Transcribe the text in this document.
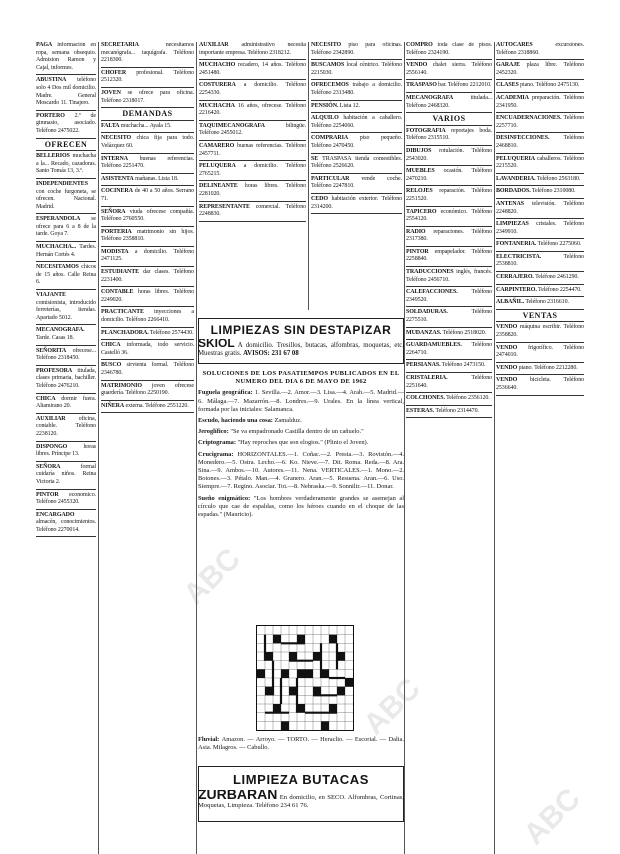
PAGA información en ropa, semana obsequio. Admision Ramon y Cajal, informes.

ABUSTINA teléfono solo 4 Dos mil domicilio. Madre. General Moscardo 11. Tinajero.

PORTERO 2.º de gimnasio, asociado. Teléfono 2475022.

OFRECEN

BELLERIOS muchacha a la... Recado, cazadoras. Santo Tomás 13, 3.º.

INDEPENDIENTES con coche furgoneta, se ofrecen. Nacional. Madrid.

ESPERANDOLA se ofrece para 6 a 8 de la tarde. Goya 7.

MUCHACHA... Tardes. Hernán Cortés 4.

NECESITAMOS chicos de 15 años. Calle Reina 6.

VIAJANTE comisionista, introducido ferreterías, tiendas. Apartado 5012.

MECANOGRAFA. Tarde. Casas 18.

SEÑORITA ofrecese... Teléfono 2318450.

PROFESORA titulada, clases primaria, bachiller. Teléfono 2476210.

CHICA dormir fuera. Altamirano 20.

AUXILIAR oficina, contable. Teléfono 2238120.

DISPONGO horas libres. Príncipe 13.

SEÑORA formal cuidaría niños. Reina Victoria 2.

PINTOR economico. Teléfono 2455320.

ENCARGADO almacén, conocimientos. Teléfono 2270014.

SECRETARIA necesitamos mecanógrafa... taquígrafa. Teléfono 2218300.

CHOFER profesional. Teléfono 2512320.

JOVEN se ofrece para oficina. Teléfono 2318017.

DEMANDAS

FALTA muchacha... Ayala 15.

NECESITO chica fija para todo. Velázquez 60.

INTERNA buenas referencias. Teléfono 2251470.

ASISTENTA mañanas. Lista 18.

COCINERA de 40 a 50 años. Serrano 71.

SEÑORA viuda ofrecese compañía. Teléfono 2760550.

PORTERIA matrimonio sin hijos. Teléfono 2358810.

MODISTA a domicilio. Teléfono 2471125.

ESTUDIANTE dar clases. Teléfono 2231400.

CONTABLE horas libres. Teléfono 2249020.

PRACTICANTE inyecciones a domicilio. Teléfono 2266410.

PLANCHADORA. Teléfono 2574430.

CHICA informada, todo servicio. Castelló 36.

BUSCO sirvienta formal. Teléfono 2346780.

MATRIMONIO joven ofrecese guardería. Teléfono 2250190.

NIÑERA externa. Teléfono 2551220.

AUXILIAR administrativo necesita importante empresa. Teléfono 2318212.

MUCHACHO recadero, 14 años. Teléfono 2451480.

COSTURERA a domicilio. Teléfono 2254330.

MUCHACHA 16 años, ofrecese. Teléfono 2216420.

TAQUIMECANOGRAFA bilingüe. Teléfono 2455012.

CAMARERO buenas referencias. Teléfono 2457711.

PELUQUERA a domicilio. Teléfono 2765215.

DELINEANTE horas libres. Teléfono 2281020.

REPRESENTANTE comercial. Teléfono 2248830.

NECESITO piso para oficinas. Teléfono 2342890.

BUSCAMOS local céntrico. Teléfono 2215030.

OFRECEMOS trabajo a domicilio. Teléfono 2313480.

PENSIÓN. Lista 12.

ALQUILO habitación a caballero. Teléfono 2254060.

COMPRARIA piso pequeño. Teléfono 2470450.

SE TRASPASA tienda comestibles. Teléfono 2526620.

PARTICULAR vende coche. Teléfono 2247810.

CEDO habitación exterior. Teléfono 2314200.

COMPRO toda clase de pisos. Teléfono 2324190.

VENDO chalet sierra. Teléfono 2556140.

TRASPASO bar. Teléfono 2212010.

MECANOGRAFA titulada... Teléfono 2468320.

VARIOS

FOTOGRAFIA reportajes boda. Teléfono 2315510.

DIBUJOS rotulación. Teléfono 2543020.

MUEBLES ocasión. Teléfono 2470210.

RELOJES reparación. Teléfono 2251520.

TAPICERO económico. Teléfono 2554120.

RADIO reparaciones. Teléfono 2317380.

PINTOR empapelador. Teléfono 2258840.

TRADUCCIONES inglés, francés. Teléfono 2456710.

CALEFACCIONES. Teléfono 2349520.

SOLDADURAS. Teléfono 2275510.

MUDANZAS. Teléfono 2518020.

GUARDAMUEBLES. Teléfono 2264710.

PERSIANAS. Teléfono 2473150.

CRISTALERIA. Teléfono 2251640.

COLCHONES. Teléfono 2356120.

ESTERAS. Teléfono 2314470.

AUTOCARES excursiones. Teléfono 2318860.

GARAJE plaza libre. Teléfono 2452320.

CLASES piano. Teléfono 2475130.

ACADEMIA preparación. Teléfono 2341950.

ENCUADERNACIONES. Teléfono 2257710.

DESINFECCIONES. Teléfono 2468810.

PELUQUERIA caballeros. Teléfono 2215520.

LAVANDERIA. Teléfono 2563180.

BORDADOS. Teléfono 2310080.

ANTENAS televisión. Teléfono 2248820.

LIMPIEZAS cristales. Teléfono 2349910.

FONTANERIA. Teléfono 2275060.

ELECTRICISTA. Teléfono 2538810.

CERRAJERO. Teléfono 2461290.

CARPINTERO. Teléfono 2254470.

ALBAÑIL. Teléfono 2316610.

VENTAS

VENDO máquina escribir. Teléfono 2358820.

VENDO frigorífico. Teléfono 2474010.

VENDO piano. Teléfono 2212280.

VENDO bicicleta. Teléfono 2536640.

LIMPIEZAS SIN DESTAPIZAR
SKIOL A domicilio. Tresillos, butacas, alfombras, moquetas, etc. Muestras gratis. AVISOS: 231 67 08

SOLUCIONES DE LOS PASATIEMPOS PUBLICADOS EN EL NUMERO DEL DIA 6 DE MAYO DE 1962

Fuguela geográfica: 1. Sevilla.—2. Amor.—3. Lisa.—4. Arah.—5. Madrid.—6. Málaga.—7. Mazarrón.—8. Londres.—9. Urales. En la línea vertical, formada por las iniciales: Salamanca.

Escudo, haciendo una cosa: Zamalduz.

Jeroglífico: "Se va empadronado Castilla dentro de un cañuelo."

Criptograma: "Hay reproches que son elogios." (Plinio el Joven).

Crucigrama: HORIZONTALES.—1. Coñac.—2. Presta.—3. Rovistón.—4. Monedero.—5. Ostra. Lecho.—6. Ko. Nieve.—7. Dit. Roma. Reda.—8. Ara. Sina.—9. Ambos.—10. Autores.—11. Nena. VERTICALES.—1. Mono.—2. Botones.—3. Pétalo. Man.—4. Granero. Aran.—5. Resuena. Aran.—6. Uso. Siempre.—7. Regino. Asociar. Toi.—8. Nebraska.—9. Sonnilir.—11. Donar.

Sueño enigmático: "Los hombres verdaderamente grandes se asemejan al círculo que cae de espaldas, como los héroes cuando en el choque de las espadas." (Mauricio).

Fluvial: Amazon. — Arroyo. — TORTO. — Heraclio. — Escorial. — Dalia. Asia. Milagros. — Cabullo.

LIMPIEZA BUTACAS
ZURBARAN En domicilio, en SECO. Alfombras, Cortinas, Moquetas, Limpieza. Teléfono 234 61 76.
ABC
ABC
ABC
